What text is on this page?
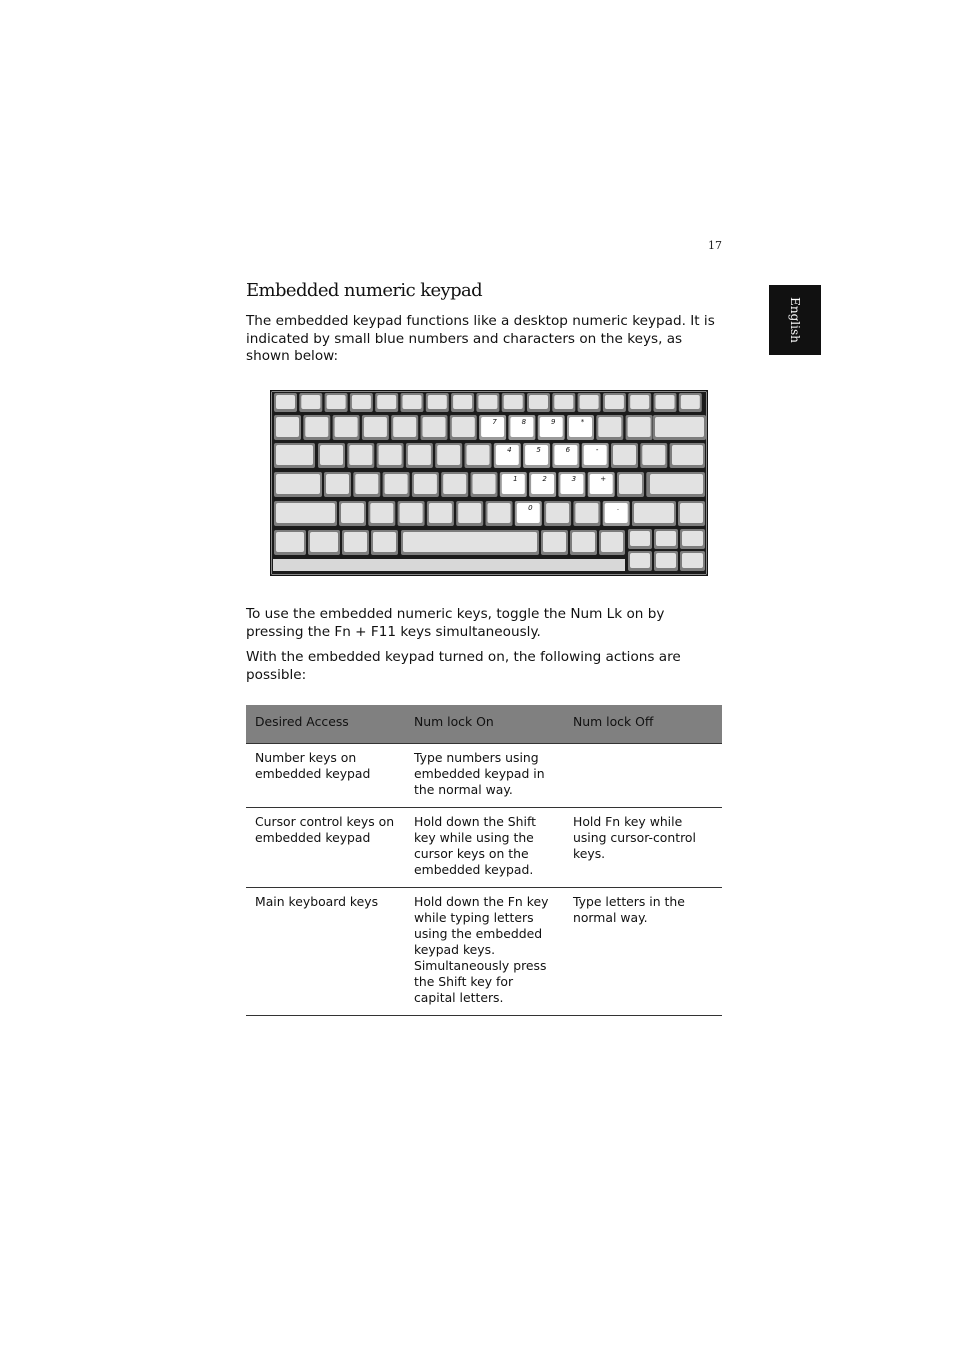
17
English
Embedded numeric keypad

The embedded keypad functions like a desktop numeric keypad. It is indicated by small blue numbers and characters on the keys, as shown below:

7	8	9	*
4	5	6	-
1	2	3	+
0	.

To use the embedded numeric keys, toggle the Num Lk on by pressing the Fn + F11 keys simultaneously.

With the embedded keypad turned on, the following actions are possible:

Desired Access	Num lock On	Num lock Off
Number keys on embedded keypad	Type numbers using embedded keypad in the normal way.	
Cursor control keys on embedded keypad	Hold down the Shift key while using the cursor keys on the embedded keypad.	Hold Fn key while using cursor-control keys.
Main keyboard keys	Hold down the Fn key while typing letters using the embedded keypad keys. Simultaneously press the Shift key for capital letters.	Type letters in the normal way.
